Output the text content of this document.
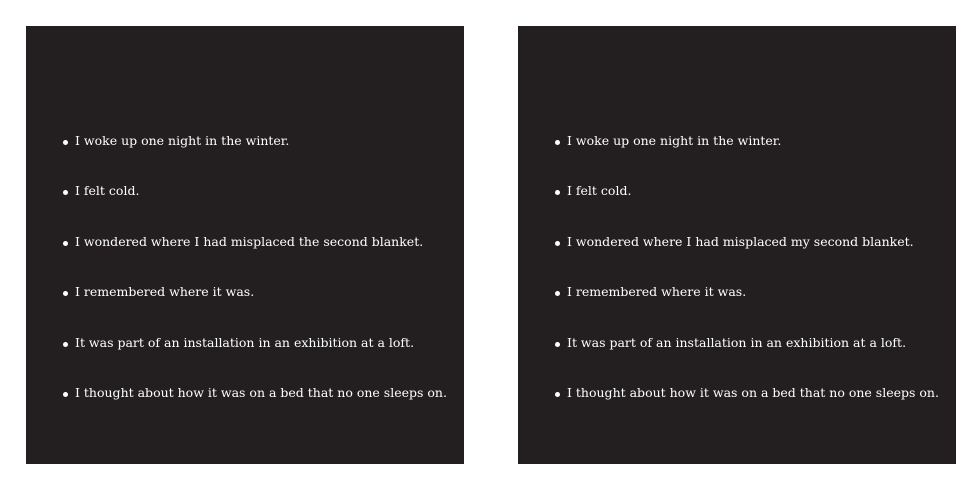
I woke up one night in the winter.
I felt cold.
I wondered where I had misplaced the second blanket.
I remembered where it was.
It was part of an installation in an exhibition at a loft.
I thought about how it was on a bed that no one sleeps on.
I woke up one night in the winter.
I felt cold.
I wondered where I had misplaced my second blanket.
I remembered where it was.
It was part of an installation in an exhibition at a loft.
I thought about how it was on a bed that no one sleeps on.
